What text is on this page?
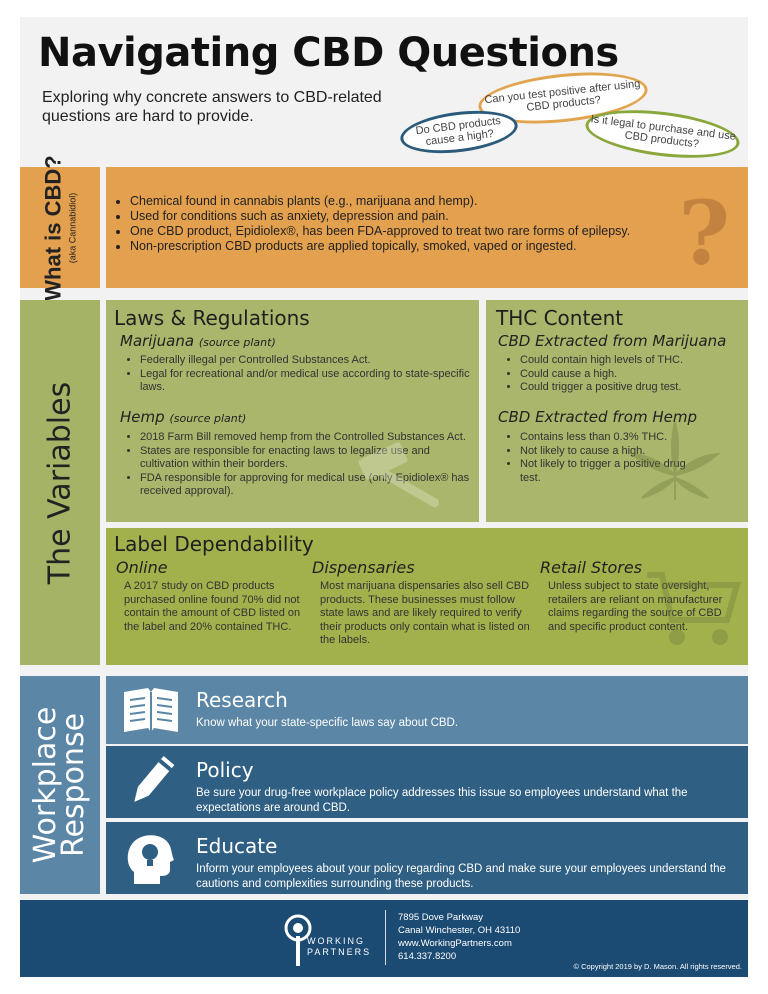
Navigating CBD Questions
Exploring why concrete answers to CBD-related questions are hard to provide.
Can you test positive after using CBD products?
Do CBD products cause a high?	Is it legal to purchase and use CBD products?
What is CBD? (aka Cannabidiol)
•	Chemical found in cannabis plants (e.g., marijuana and hemp).
• Used for conditions such as anxiety, depression and pain.
• One CBD product, Epidiolex®, has been FDA-approved to treat two rare forms of epilepsy.
• Non-prescription CBD products are applied topically, smoked, vaped or ingested.	?
The Variables
Laws & Regulations
Marijuana (source plant)
• Federally illegal per Controlled Substances Act.
• Legal for recreational and/or medical use according to state-specific laws.
Hemp (source plant)
• 2018 Farm Bill removed hemp from the Controlled Substances Act.
• States are responsible for enacting laws to legalize use and cultivation within their borders.
• FDA responsible for approving for medical use (only Epidiolex® has received approval).
THC Content
CBD Extracted from Marijuana
• Could contain high levels of THC.
• Could cause a high.
• Could trigger a positive drug test.
CBD Extracted from Hemp
• Contains less than 0.3% THC.
• Not likely to cause a high.
• Not likely to trigger a positive drug test.
Label Dependability
Online
A 2017 study on CBD products purchased online found 70% did not contain the amount of CBD listed on the label and 20% contained THC.
Dispensaries
Most marijuana dispensaries also sell CBD products. These businesses must follow state laws and are likely required to verify their products only contain what is listed on the labels.
Retail Stores
Unless subject to state oversight, retailers are reliant on manufacturer claims regarding the source of CBD and specific product content.
Workplace
Response
Research
Know what your state-specific laws say about CBD.
Policy
Be sure your drug-free workplace policy addresses this issue so employees understand what the expectations are around CBD.
Educate
Inform your employees about your policy regarding CBD and make sure your employees understand the cautions and complexities surrounding these products.
WORKING
PARTNERS
7895 Dove Parkway
Canal Winchester, OH 43110
www.WorkingPartners.com
614.337.8200
© Copyright 2019 by D. Mason. All rights reserved.
